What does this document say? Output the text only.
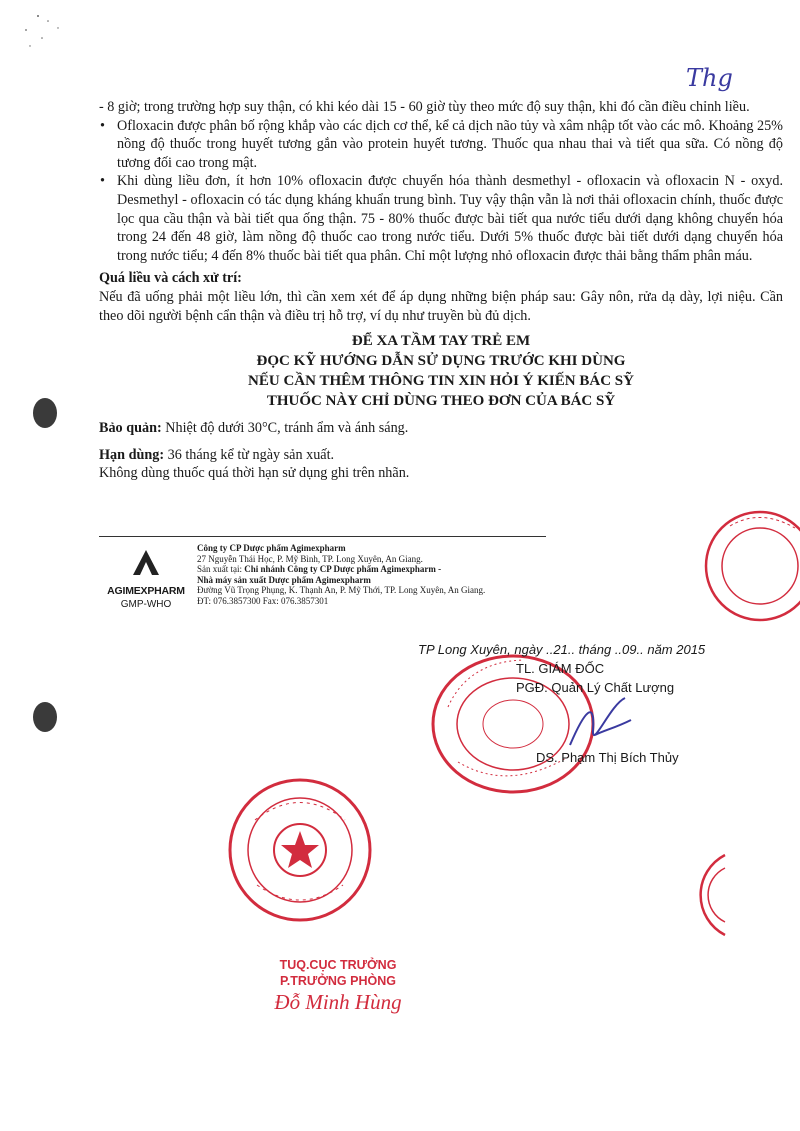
Thg

- 8 giờ; trong trường hợp suy thận, có khi kéo dài 15 - 60 giờ tùy theo mức độ suy thận, khi đó cần điều chỉnh liều.

• Ofloxacin được phân bố rộng khắp vào các dịch cơ thể, kể cả dịch não tủy và xâm nhập tốt vào các mô. Khoảng 25% nồng độ thuốc trong huyết tương gắn vào protein huyết tương. Thuốc qua nhau thai và tiết qua sữa. Có nồng độ tương đối cao trong mật.

• Khi dùng liều đơn, ít hơn 10% ofloxacin được chuyển hóa thành desmethyl - ofloxacin và ofloxacin N - oxyd. Desmethyl - ofloxacin có tác dụng kháng khuẩn trung bình. Tuy vậy thận vẫn là nơi thải ofloxacin chính, thuốc được lọc qua cầu thận và bài tiết qua ống thận. 75 - 80% thuốc được bài tiết qua nước tiểu dưới dạng không chuyển hóa trong 24 đến 48 giờ, làm nồng độ thuốc cao trong nước tiểu. Dưới 5% thuốc được bài tiết dưới dạng chuyển hóa trong nước tiểu; 4 đến 8% thuốc bài tiết qua phân. Chỉ một lượng nhỏ ofloxacin được thải bằng thẩm phân máu.

Quá liều và cách xử trí:

Nếu đã uống phải một liều lớn, thì cần xem xét để áp dụng những biện pháp sau: Gây nôn, rửa dạ dày, lợi niệu. Cần theo dõi người bệnh cẩn thận và điều trị hỗ trợ, ví dụ như truyền bù đủ dịch.

ĐỂ XA TẦM TAY TRẺ EM
ĐỌC KỸ HƯỚNG DẪN SỬ DỤNG TRƯỚC KHI DÙNG
NẾU CẦN THÊM THÔNG TIN XIN HỎI Ý KIẾN BÁC SỸ
THUỐC NÀY CHỈ DÙNG THEO ĐƠN CỦA BÁC SỸ

Bảo quản: Nhiệt độ dưới 30°C, tránh ẩm và ánh sáng.

Hạn dùng: 36 tháng kể từ ngày sản xuất.

Không dùng thuốc quá thời hạn sử dụng ghi trên nhãn.

AGIMEXPHARM
GMP-WHO
Công ty CP Dược phẩm Agimexpharm
27 Nguyễn Thái Học, P. Mỹ Bình, TP. Long Xuyên, An Giang.
Sản xuất tại: Chi nhánh Công ty CP Dược phẩm Agimexpharm -
Nhà máy sản xuất Dược phẩm Agimexpharm
Đường Vũ Trọng Phụng, K. Thạnh An, P. Mỹ Thới, TP. Long Xuyên, An Giang.
ĐT: 076.3857300 Fax: 076.3857301
TP Long Xuyên, ngày ..21.. tháng ..09.. năm 2015
TL. GIÁM ĐỐC
PGĐ. Quản Lý Chất Lượng
DS. Phạm Thị Bích Thủy
TUQ.CỤC TRƯỞNG
P.TRƯỞNG PHÒNG
Đỗ Minh Hùng
